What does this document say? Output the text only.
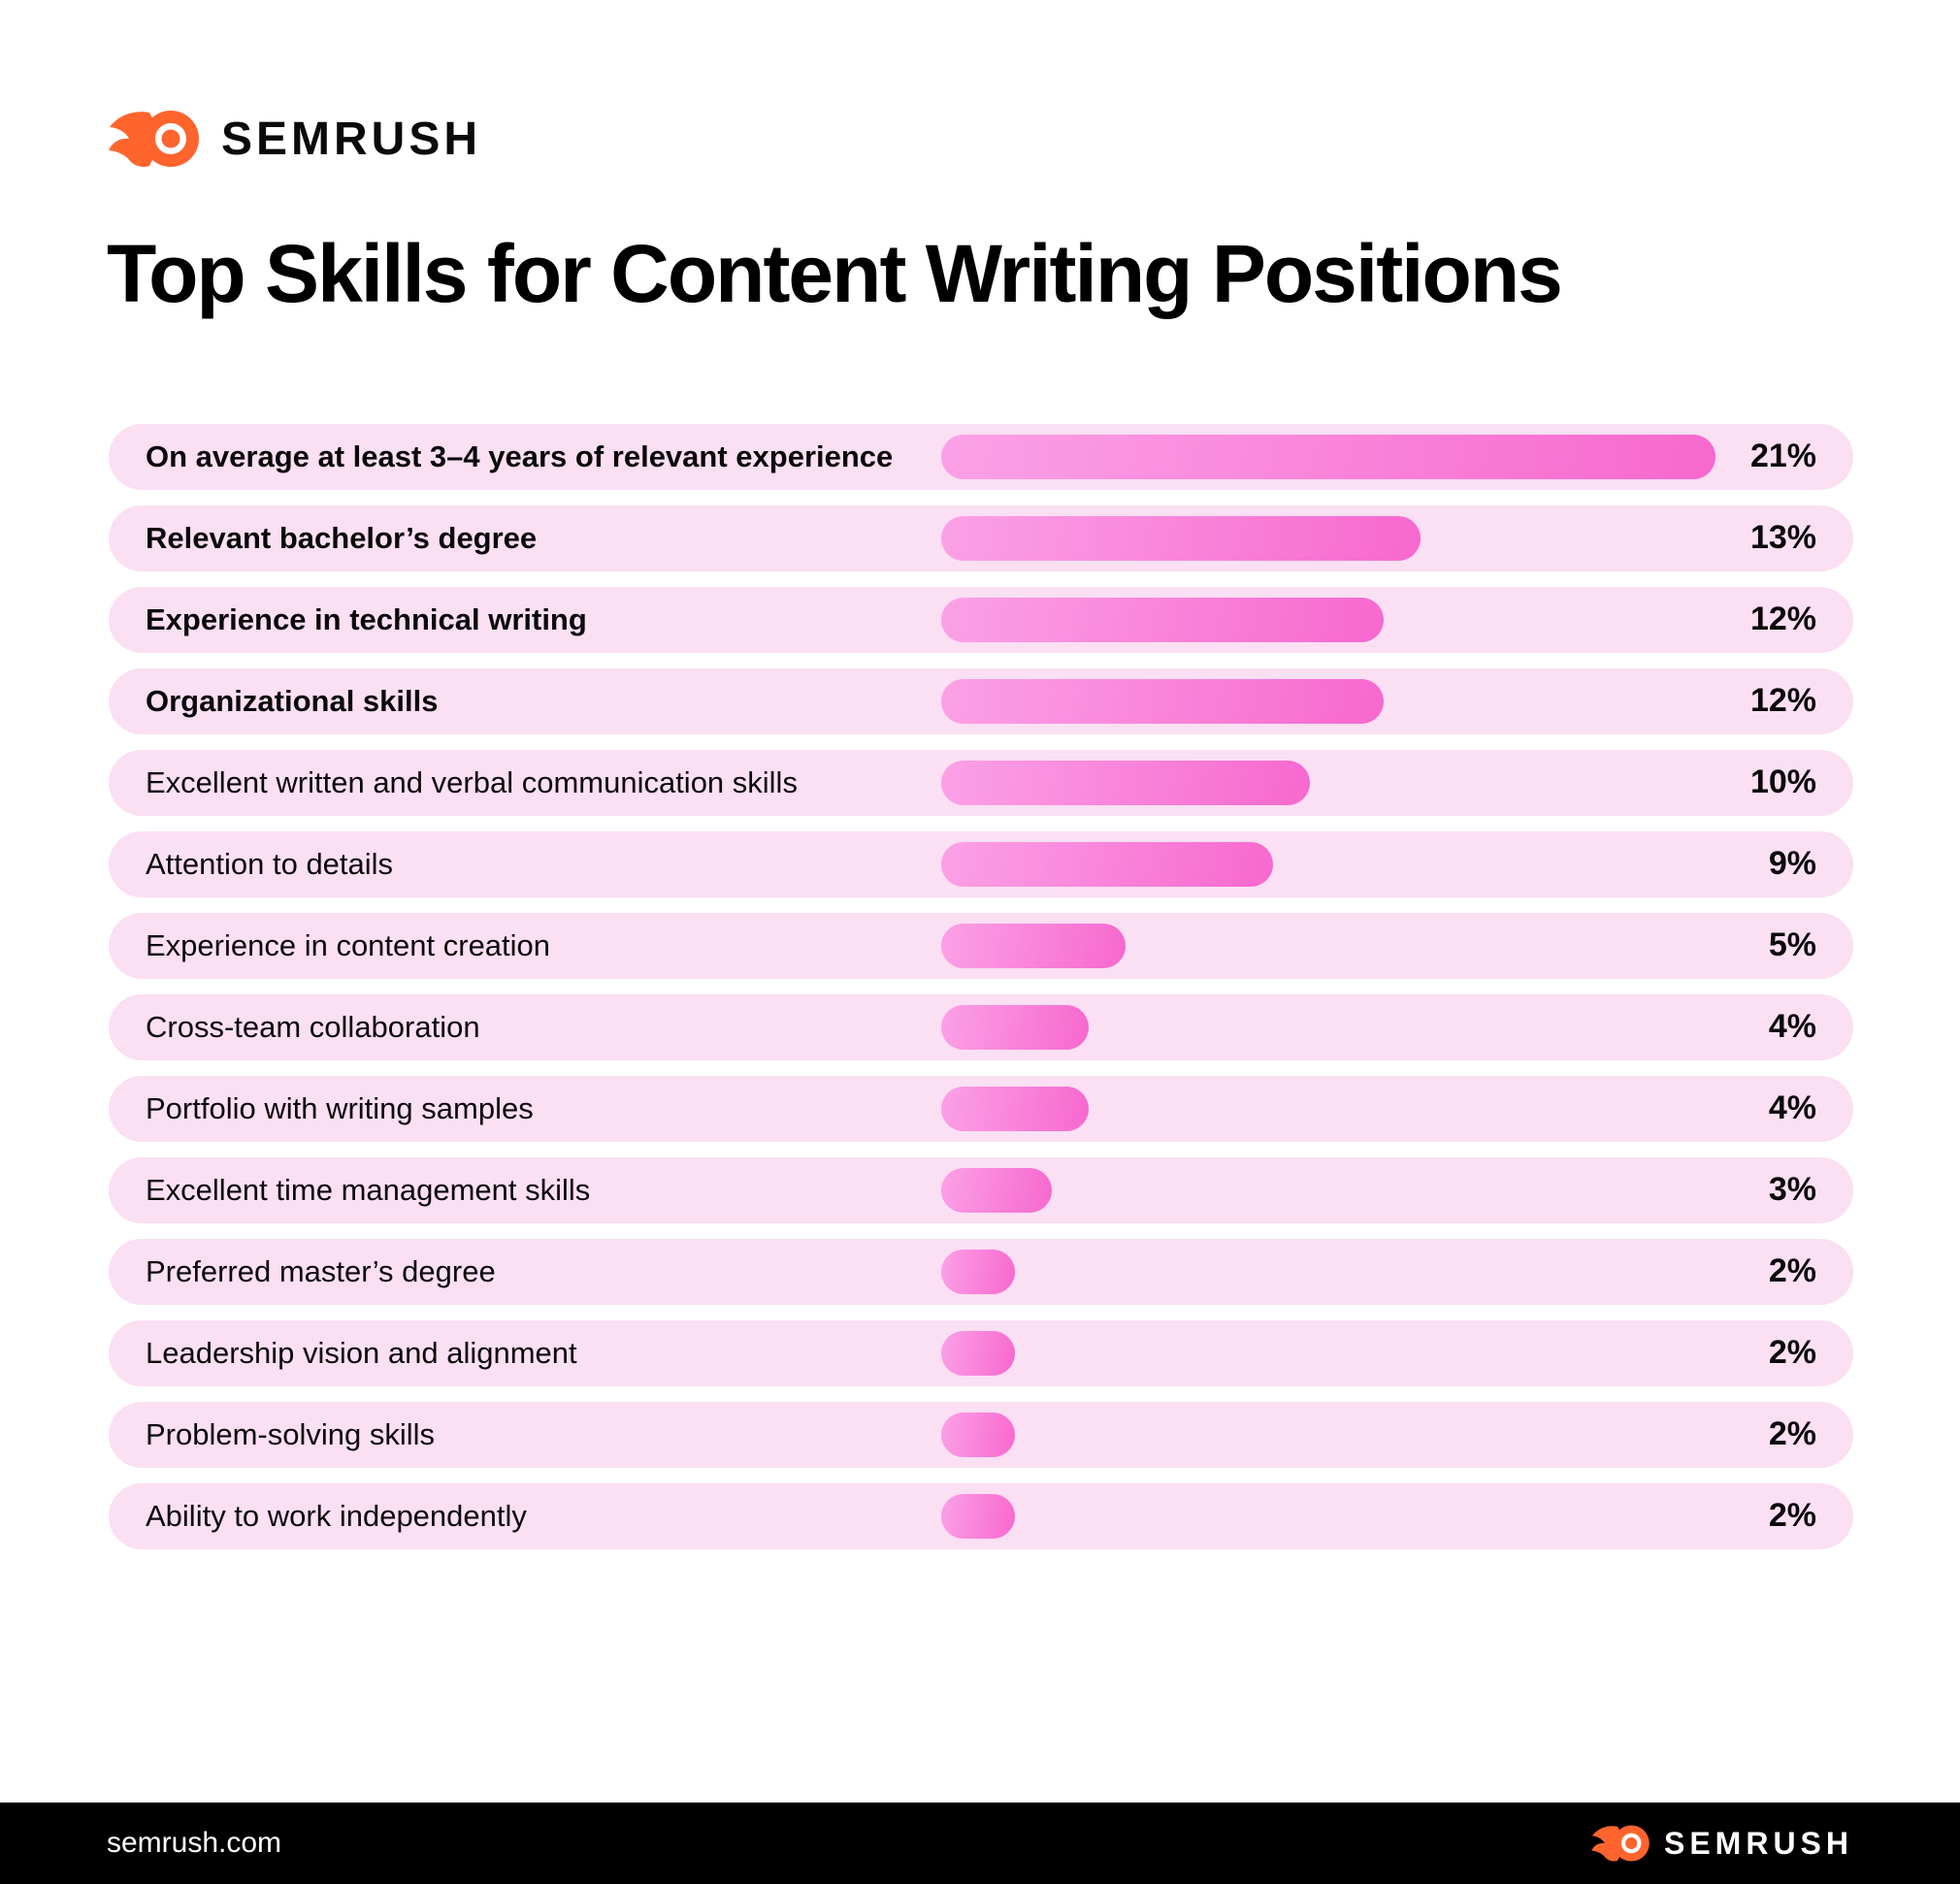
SEMRUSH
Top Skills for Content Writing Positions
On average at least 3–4 years of relevant experience	21%
Relevant bachelor’s degree	13%
Experience in technical writing	12%
Organizational skills	12%
Excellent written and verbal communication skills	10%
Attention to details	9%
Experience in content creation	5%
Cross-team collaboration	4%
Portfolio with writing samples	4%
Excellent time management skills	3%
Preferred master’s degree	2%
Leadership vision and alignment	2%
Problem-solving skills	2%
Ability to work independently	2%
semrush.com	SEMRUSH
